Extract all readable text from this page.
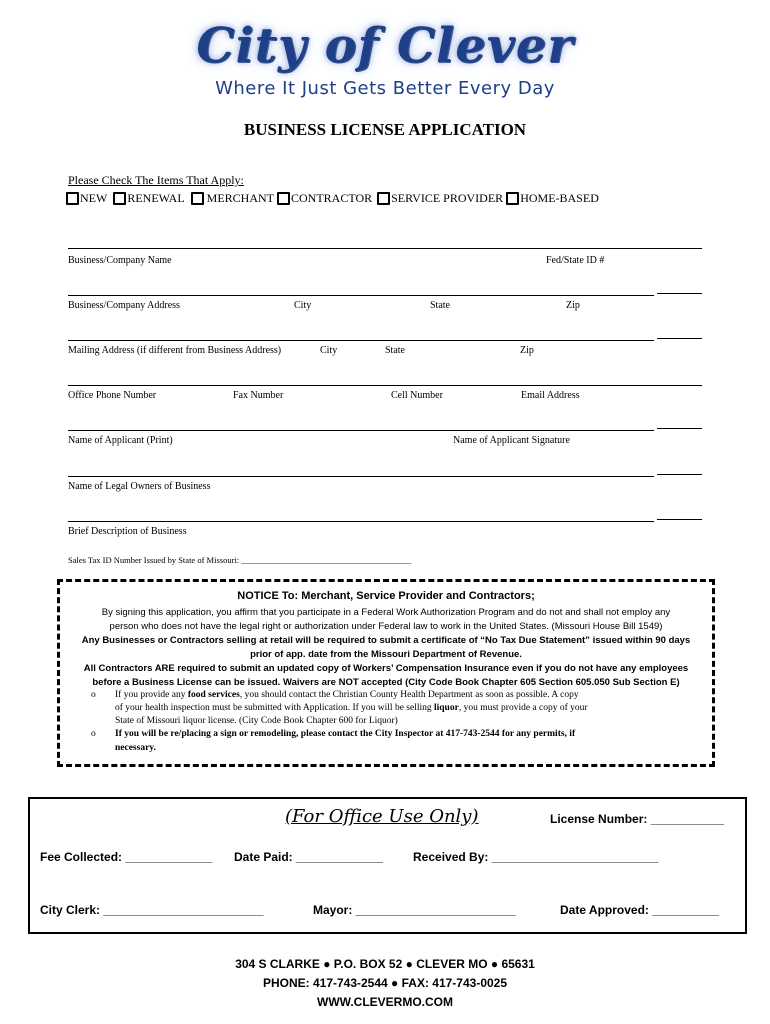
City of Clever
Where It Just Gets Better Every Day
BUSINESS LICENSE APPLICATION
Please Check The Items That Apply:
NEW
RENEWAL
MERCHANT
CONTRACTOR
SERVICE PROVIDER
HOME-BASED
Business/Company Name	Fed/State ID #
Business/Company Address	City	State	Zip
Mailing Address (if different from Business Address)	City	State	Zip
Office Phone Number	Fax Number	Cell Number	Email Address
Name of Applicant (Print)	Name of Applicant Signature
Name of Legal Owners of Business
Brief Description of Business
Sales Tax ID Number Issued by State of Missouri: ________________________________________
NOTICE To: Merchant, Service Provider and Contractors;
By signing this application, you affirm that you participate in a Federal Work Authorization Program and do not and shall not employ any
person who does not have the legal right or authorization under Federal law to work in the United States. (Missouri House Bill 1549)
Any Businesses or Contractors selling at retail will be required to submit a certificate of “No Tax Due Statement” issued within 90 days
prior of app. date from the Missouri Department of Revenue.
All Contractors ARE required to submit an updated copy of Workers’ Compensation Insurance even if you do not have any employees
before a Business License can be issued. Waivers are NOT accepted (City Code Book Chapter 605 Section 605.050 Sub Section E)
o If you provide any food services, you should contact the Christian County Health Department as soon as possible. A copy
of your health inspection must be submitted with Application. If you will be selling liquor, you must provide a copy of your
State of Missouri liquor license. (City Code Book Chapter 600 for Liquor)
o If you will be re/placing a sign or remodeling, please contact the City Inspector at 417-743-2544 for any permits, if
necessary.
(For Office Use Only)	License Number: ___________
Fee Collected: _____________ Date Paid: _____________	Received By: _________________________
City Clerk: ________________________	Mayor: ________________________	Date Approved: __________
304 S CLARKE ● P.O. BOX 52 ● CLEVER MO ● 65631
PHONE: 417-743-2544 ● FAX: 417-743-0025
WWW.CLEVERMO.COM
